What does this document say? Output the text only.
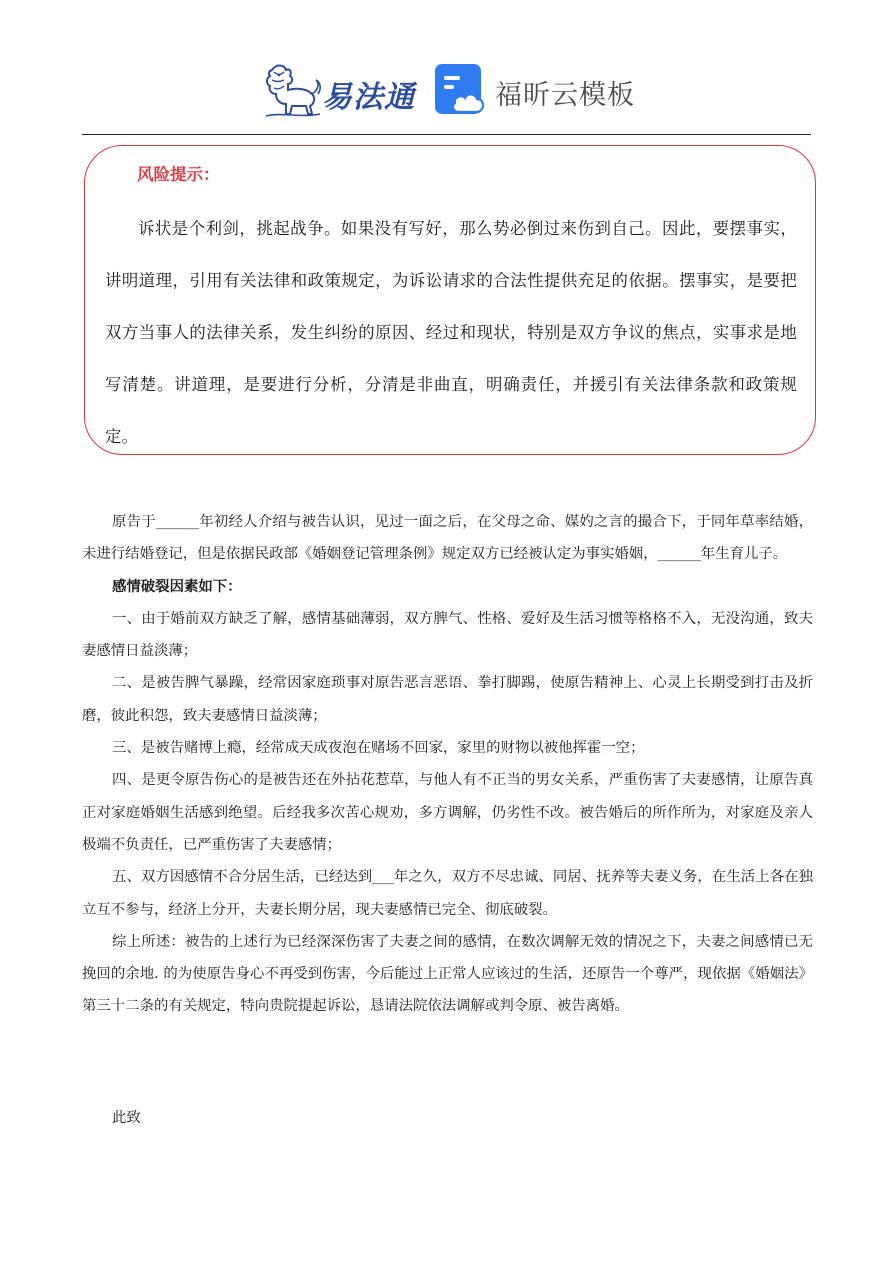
易法通	福昕云模板
风险提示：
诉状是个利剑，挑起战争。如果没有写好，那么势必倒过来伤到自己。因此，要摆事实，讲明道理，引用有关法律和政策规定，为诉讼请求的合法性提供充足的依据。摆事实，是要把双方当事人的法律关系，发生纠纷的原因、经过和现状，特别是双方争议的焦点，实事求是地写清楚。讲道理，是要进行分析，分清是非曲直，明确责任，并援引有关法律条款和政策规定。

原告于______年初经人介绍与被告认识，见过一面之后，在父母之命、媒妁之言的撮合下，于同年草率结婚，未进行结婚登记，但是依据民政部《婚姻登记管理条例》规定双方已经被认定为事实婚姻，______年生育儿子。

感情破裂因素如下：

一、由于婚前双方缺乏了解，感情基础薄弱，双方脾气、性格、爱好及生活习惯等格格不入，无没沟通，致夫妻感情日益淡薄；

二、是被告脾气暴躁，经常因家庭琐事对原告恶言恶语、拳打脚踢，使原告精神上、心灵上长期受到打击及折磨，彼此积怨，致夫妻感情日益淡薄；

三、是被告赌博上瘾，经常成天成夜泡在赌场不回家，家里的财物以被他挥霍一空；

四、是更令原告伤心的是被告还在外拈花惹草，与他人有不正当的男女关系，严重伤害了夫妻感情，让原告真正对家庭婚姻生活感到绝望。后经我多次苦心规劝，多方调解，仍劣性不改。被告婚后的所作所为，对家庭及亲人极端不负责任，已严重伤害了夫妻感情；

五、双方因感情不合分居生活，已经达到___年之久，双方不尽忠诚、同居、抚养等夫妻义务，在生活上各在独立互不参与，经济上分开，夫妻长期分居，现夫妻感情已完全、彻底破裂。

综上所述：被告的上述行为已经深深伤害了夫妻之间的感情，在数次调解无效的情况之下，夫妻之间感情已无挽回的余地. 的为使原告身心不再受到伤害，今后能过上正常人应该过的生活，还原告一个尊严，现依据《婚姻法》第三十二条的有关规定，特向贵院提起诉讼，恳请法院依法调解或判令原、被告离婚。

此致
